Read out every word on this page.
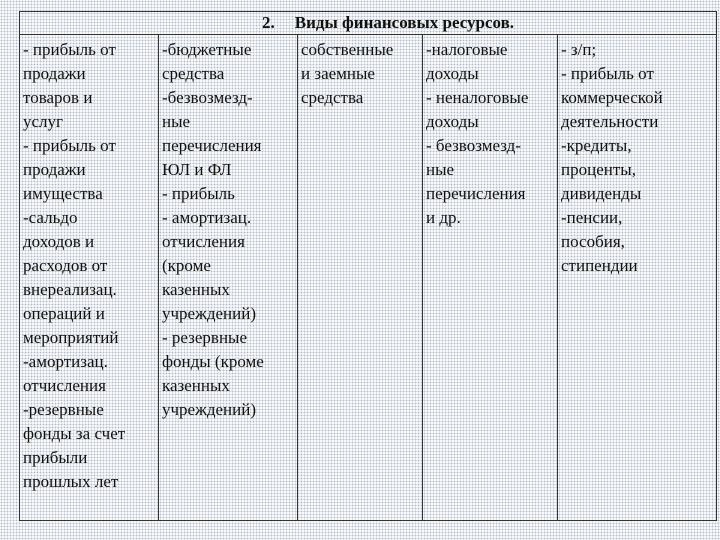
2. Виды финансовых ресурсов.

- прибыль от
продажи
товаров и
услуг
- прибыль от
продажи
имущества
-сальдо
доходов и
расходов от
внереализац.
операций и
мероприятий
-амортизац.
отчисления
-резервные
фонды за счет
прибыли
прошлых лет

-бюджетные
средства
-безвозмезд-
ные
перечисления
ЮЛ и ФЛ
- прибыль
- амортизац.
отчисления
(кроме
казенных
учреждений)
- резервные
фонды (кроме
казенных
учреждений)

собственные
и заемные
средства

-налоговые
доходы
- неналоговые
доходы
- безвозмезд-
ные
перечисления
и др.

- з/п;
- прибыль от
коммерческой
деятельности
-кредиты,
проценты,
дивиденды
-пенсии,
пособия,
стипендии
